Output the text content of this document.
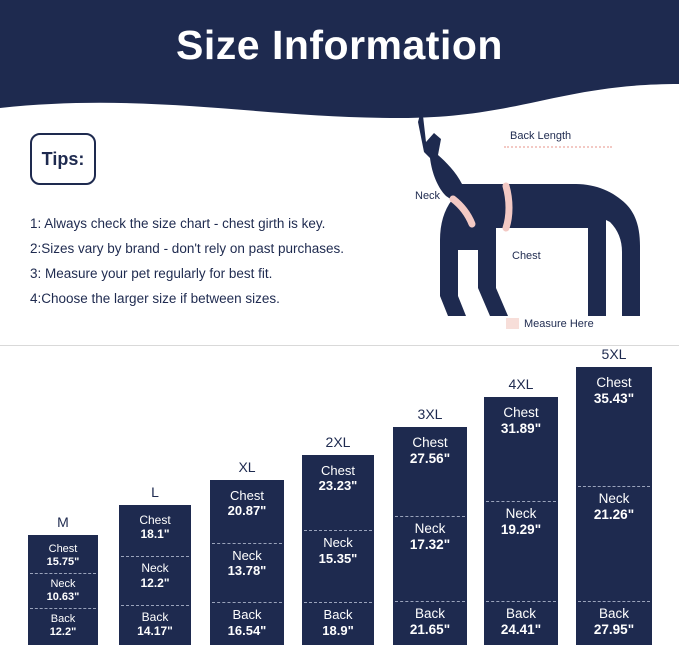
Size Information
Tips:
1: Always check the size chart - chest girth is key.
2:Sizes vary by brand - don't rely on past purchases.
3: Measure your pet regularly for best fit.
4:Choose the larger size if between sizes.
Back Length
Neck
Chest
Measure Here
M
Chest
15.75"
Neck
10.63"
Back
12.2"
L
Chest
18.1"
Neck
12.2"
Back
14.17"
XL
Chest
20.87"
Neck
13.78"
Back
16.54"
2XL
Chest
23.23"
Neck
15.35"
Back
18.9"
3XL
Chest
27.56"
Neck
17.32"
Back
21.65"
4XL
Chest
31.89"
Neck
19.29"
Back
24.41"
5XL
Chest
35.43"
Neck
21.26"
Back
27.95"
